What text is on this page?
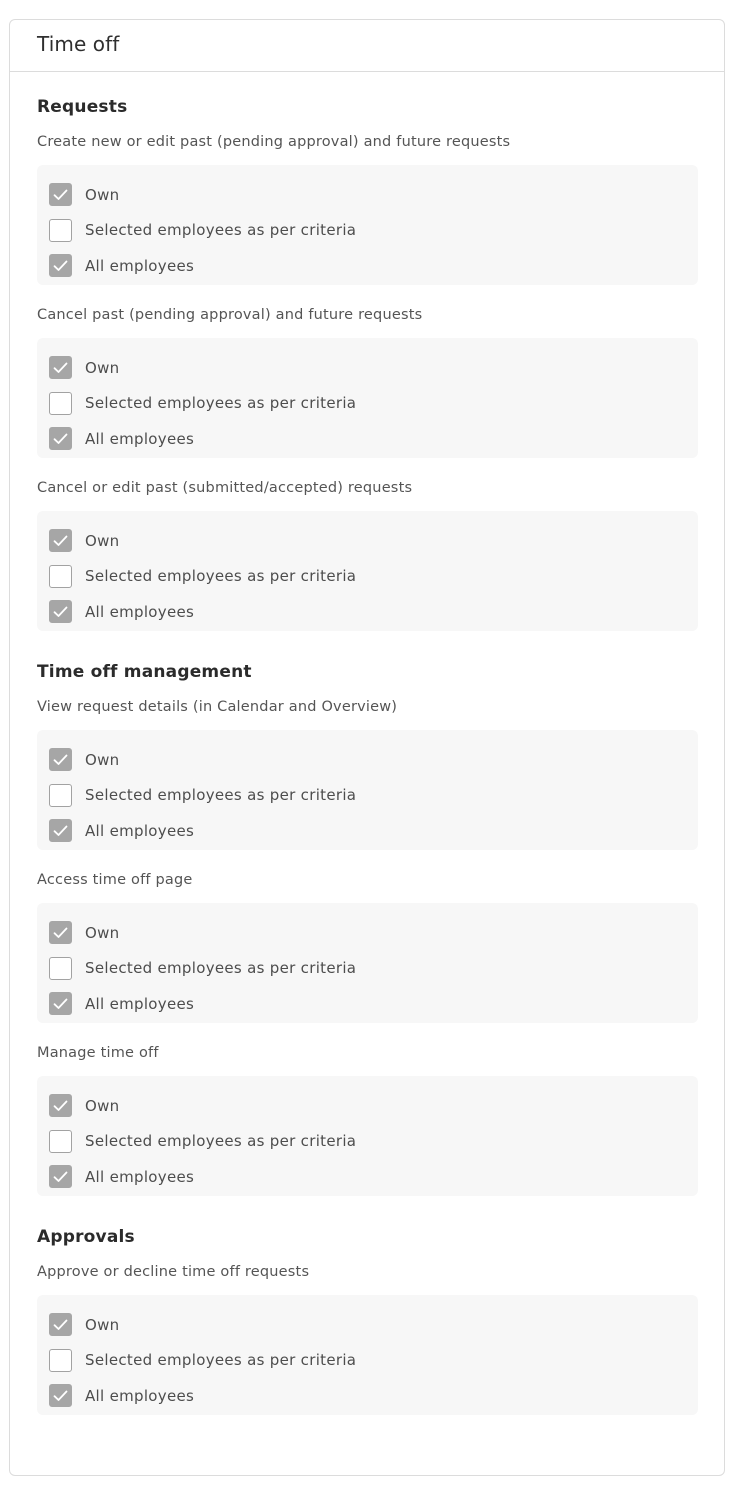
Time off
Requests
Create new or edit past (pending approval) and future requests
Own
Selected employees as per criteria
All employees
Cancel past (pending approval) and future requests
Own
Selected employees as per criteria
All employees
Cancel or edit past (submitted/accepted) requests
Own
Selected employees as per criteria
All employees
Time off management
View request details (in Calendar and Overview)
Own
Selected employees as per criteria
All employees
Access time off page
Own
Selected employees as per criteria
All employees
Manage time off
Own
Selected employees as per criteria
All employees
Approvals
Approve or decline time off requests
Own
Selected employees as per criteria
All employees
